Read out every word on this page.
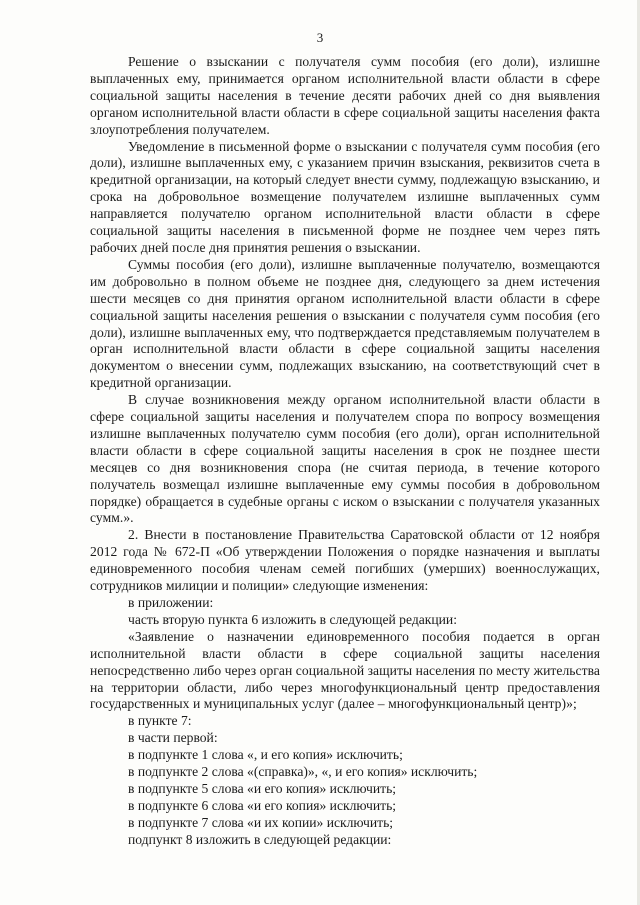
3

Решение о взыскании с получателя сумм пособия (его доли), излишне выплаченных ему, принимается органом исполнительной власти области в сфере социальной защиты населения в течение десяти рабочих дней со дня выявления органом исполнительной власти области в сфере социальной защиты населения факта злоупотребления получателем.

Уведомление в письменной форме о взыскании с получателя сумм пособия (его доли), излишне выплаченных ему, с указанием причин взыскания, реквизитов счета в кредитной организации, на который следует внести сумму, подлежащую взысканию, и срока на добровольное возмещение получателем излишне выплаченных сумм направляется получателю органом исполнительной власти области в сфере социальной защиты населения в письменной форме не позднее чем через пять рабочих дней после дня принятия решения о взыскании.

Суммы пособия (его доли), излишне выплаченные получателю, возмещаются им добровольно в полном объеме не позднее дня, следующего за днем истечения шести месяцев со дня принятия органом исполнительной власти области в сфере социальной защиты населения решения о взыскании с получателя сумм пособия (его доли), излишне выплаченных ему, что подтверждается представляемым получателем в орган исполнительной власти области в сфере социальной защиты населения документом о внесении сумм, подлежащих взысканию, на соответствующий счет в кредитной организации.

В случае возникновения между органом исполнительной власти области в сфере социальной защиты населения и получателем спора по вопросу возмещения излишне выплаченных получателю сумм пособия (его доли), орган исполнительной власти области в сфере социальной защиты населения в срок не позднее шести месяцев со дня возникновения спора (не считая периода, в течение которого получатель возмещал излишне выплаченные ему суммы пособия в добровольном порядке) обращается в судебные органы с иском о взыскании с получателя указанных сумм.».

2. Внести в постановление Правительства Саратовской области от 12 ноября 2012 года № 672-П «Об утверждении Положения о порядке назначения и выплаты единовременного пособия членам семей погибших (умерших) военнослужащих, сотрудников милиции и полиции» следующие изменения:

в приложении:

часть вторую пункта 6 изложить в следующей редакции:

«Заявление о назначении единовременного пособия подается в орган исполнительной власти области в сфере социальной защиты населения непосредственно либо через орган социальной защиты населения по месту жительства на территории области, либо через многофункциональный центр предоставления государственных и муниципальных услуг (далее – многофункциональный центр)»;

в пункте 7:

в части первой:

в подпункте 1 слова «, и его копия» исключить;

в подпункте 2 слова «(справка)», «, и его копия» исключить;

в подпункте 5 слова «и его копия» исключить;

в подпункте 6 слова «и его копия» исключить;

в подпункте 7 слова «и их копии» исключить;

подпункт 8 изложить в следующей редакции:
